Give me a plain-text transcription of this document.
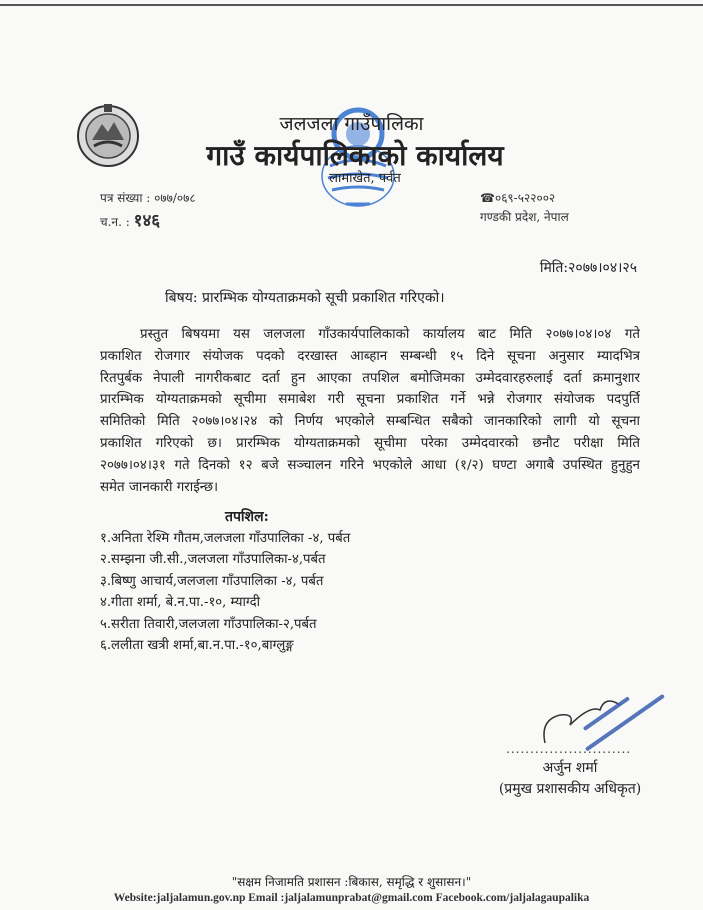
जलजला गाउँपालिका
गाउँ कार्यपालिकाको कार्यालय
लामाखेत, पर्वत
पत्र संख्या : ०७७/०७८
च.न. : १४६
☎०६९-५२२००२
गण्डकी प्रदेश, नेपाल
मिति:२०७७।०४।२५
बिषय: प्रारम्भिक योग्यताक्रमको सूची प्रकाशित गरिएको।
प्रस्तुत बिषयमा यस जलजला गाँउकार्यपालिकाको कार्यालय बाट मिति २०७७।०४।०४ गते
प्रकाशित रोजगार संयोजक पदको दरखास्त आब्हान सम्बन्धी १५ दिने सूचना अनुसार म्यादभित्र
रितपुर्बक नेपाली नागरीकबाट दर्ता हुन आएका तपशिल बमोजिमका उम्मेदवारहरुलाई दर्ता क्रमानुशार
प्रारम्भिक योग्यताक्रमको सूचीमा समाबेश गरी सूचना प्रकाशित गर्ने भन्ने रोजगार संयोजक पदपुर्ति
समितिको मिति २०७७।०४।२४ को निर्णय भएकोले सम्बन्धित सबैको जानकारिको लागी यो सूचना
प्रकाशित गरिएको छ। प्रारम्भिक योग्यताक्रमको सूचीमा परेका उम्मेदवारको छनौट परीक्षा मिति
२०७७।०४।३१ गते दिनको १२ बजे सञ्चालन गरिने भएकोले आधा (१/२) घण्टा अगाबै उपस्थित हुनुहुन
समेत जानकारी गराईन्छ।
तपशिल:
१.अनिता रेश्मि गौतम,जलजला गाँउपालिका -४, पर्बत
२.सम्झना जी.सी.,जलजला गाँउपालिका-४,पर्बत
३.बिष्णु आचार्य,जलजला गाँउपालिका -४, पर्बत
४.गीता शर्मा, बे.न.पा.-१०, म्याग्दी
५.सरीता तिवारी,जलजला गाँउपालिका-२,पर्बत
६.ललीता खत्री शर्मा,बा.न.पा.-१०,बाग्लुङ्ग
..........................
अर्जुन शर्मा
(प्रमुख प्रशासकीय अधिकृत)
"सक्षम निजामति प्रशासन :बिकास, समृद्धि र शुसासन।"
Website:jaljalamun.gov.np Email :jaljalamunprabat@gmail.com Facebook.com/jaljalagaupalika
